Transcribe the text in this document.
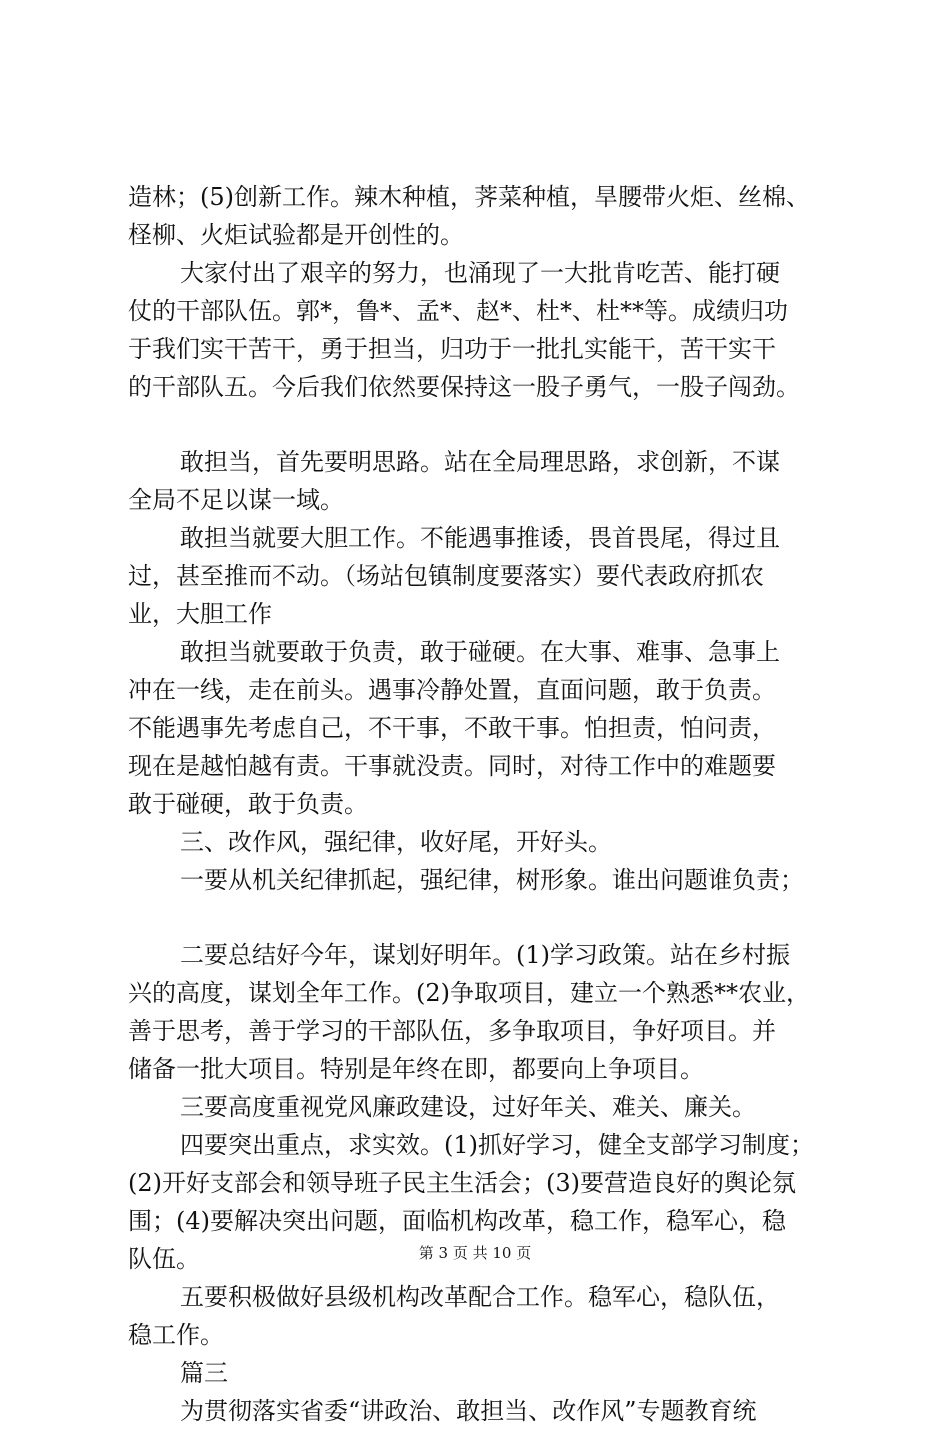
造林；(5)创新工作。辣木种植，荠菜种植，旱腰带火炬、丝棉、
柽柳、火炬试验都是开创性的。
大家付出了艰辛的努力，也涌现了一大批肯吃苦、能打硬
仗的干部队伍。郭*，鲁*、孟*、赵*、杜*、杜**等。成绩归功
于我们实干苦干，勇于担当，归功于一批扎实能干，苦干实干
的干部队五。今后我们依然要保持这一股子勇气，一股子闯劲。
敢担当，首先要明思路。站在全局理思路，求创新，不谋
全局不足以谋一域。
敢担当就要大胆工作。不能遇事推诿，畏首畏尾，得过且
过，甚至推而不动。（场站包镇制度要落实）要代表政府抓农
业，大胆工作
敢担当就要敢于负责，敢于碰硬。在大事、难事、急事上
冲在一线，走在前头。遇事冷静处置，直面问题，敢于负责。
不能遇事先考虑自己，不干事，不敢干事。怕担责，怕问责，
现在是越怕越有责。干事就没责。同时，对待工作中的难题要
敢于碰硬，敢于负责。
三、改作风，强纪律，收好尾，开好头。
一要从机关纪律抓起，强纪律，树形象。谁出问题谁负责；
二要总结好今年，谋划好明年。(1)学习政策。站在乡村振
兴的高度，谋划全年工作。(2)争取项目，建立一个熟悉**农业，
善于思考，善于学习的干部队伍，多争取项目，争好项目。并
储备一批大项目。特别是年终在即，都要向上争项目。
三要高度重视党风廉政建设，过好年关、难关、廉关。
四要突出重点，求实效。(1)抓好学习，健全支部学习制度；
(2)开好支部会和领导班子民主生活会；(3)要营造良好的舆论氛
围；(4)要解决突出问题，面临机构改革，稳工作，稳军心，稳
队伍。
五要积极做好县级机构改革配合工作。稳军心，稳队伍，
稳工作。
篇三
为贯彻落实省委“讲政治、敢担当、改作风”专题教育统
第 3 页 共 10 页
